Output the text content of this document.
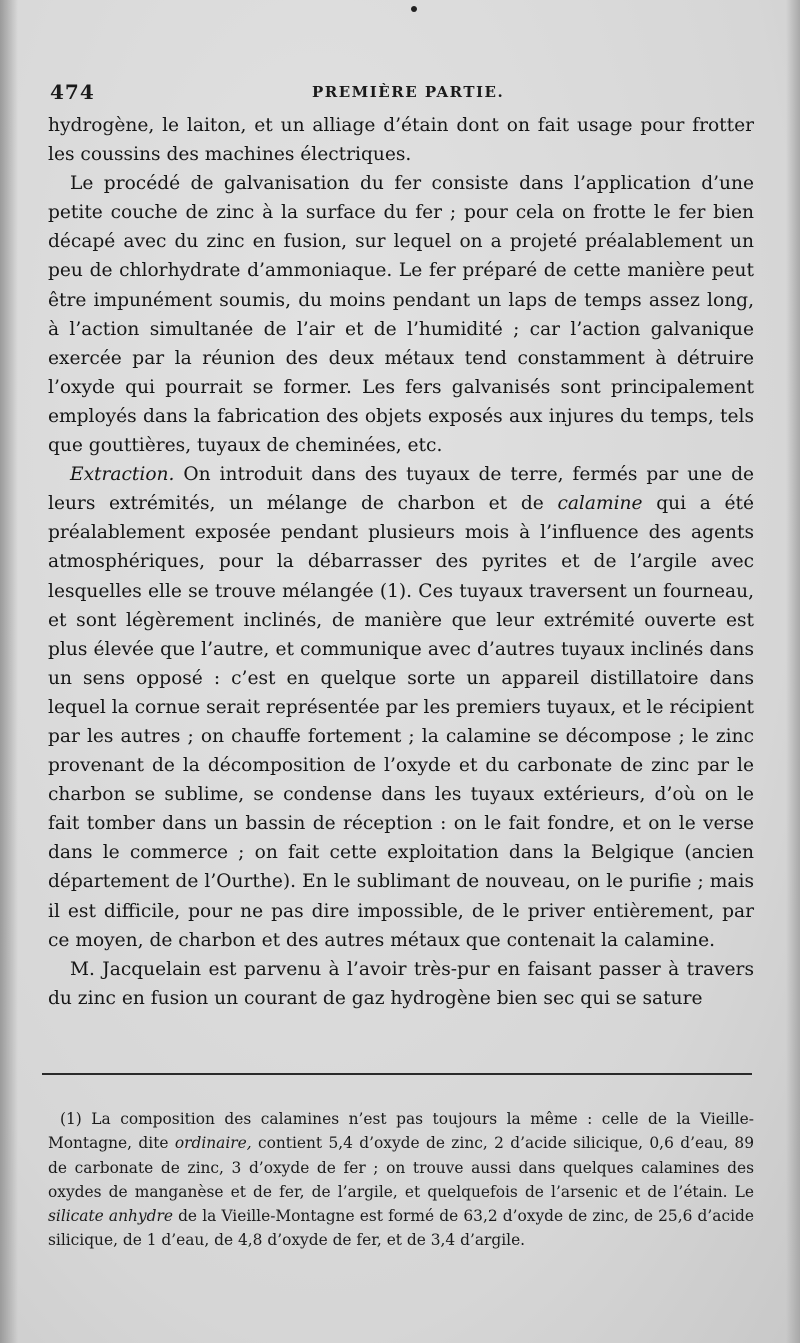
474	PREMIÈRE PARTIE.

hydrogène, le laiton, et un alliage d’étain dont on fait usage pour frotter les coussins des machines électriques.

Le procédé de galvanisation du fer consiste dans l’application d’une petite couche de zinc à la surface du fer ; pour cela on frotte le fer bien décapé avec du zinc en fusion, sur lequel on a projeté préalablement un peu de chlorhydrate d’ammoniaque. Le fer préparé de cette manière peut être impunément soumis, du moins pendant un laps de temps assez long, à l’action simultanée de l’air et de l’humidité ; car l’action galvanique exercée par la réunion des deux métaux tend constamment à détruire l’oxyde qui pourrait se former. Les fers galvanisés sont principalement employés dans la fabrication des objets exposés aux injures du temps, tels que gouttières, tuyaux de cheminées, etc.

Extraction. On introduit dans des tuyaux de terre, fermés par une de leurs extrémités, un mélange de charbon et de calamine qui a été préalablement exposée pendant plusieurs mois à l’influence des agents atmosphériques, pour la débarrasser des pyrites et de l’argile avec lesquelles elle se trouve mélangée (1). Ces tuyaux traversent un fourneau, et sont légèrement inclinés, de manière que leur extrémité ouverte est plus élevée que l’autre, et communique avec d’autres tuyaux inclinés dans un sens opposé : c’est en quelque sorte un appareil distillatoire dans lequel la cornue serait représentée par les premiers tuyaux, et le récipient par les autres ; on chauffe fortement ; la calamine se décompose ; le zinc provenant de la décomposition de l’oxyde et du carbonate de zinc par le charbon se sublime, se condense dans les tuyaux extérieurs, d’où on le fait tomber dans un bassin de réception : on le fait fondre, et on le verse dans le commerce ; on fait cette exploitation dans la Belgique (ancien département de l’Ourthe). En le sublimant de nouveau, on le purifie ; mais il est difficile, pour ne pas dire impossible, de le priver entièrement, par ce moyen, de charbon et des autres métaux que contenait la calamine.

M. Jacquelain est parvenu à l’avoir très-pur en faisant passer à travers du zinc en fusion un courant de gaz hydrogène bien sec qui se sature

(1) La composition des calamines n’est pas toujours la même : celle de la Vieille-Montagne, dite ordinaire, contient 5,4 d’oxyde de zinc, 2 d’acide silicique, 0,6 d’eau, 89 de carbonate de zinc, 3 d’oxyde de fer ; on trouve aussi dans quelques calamines des oxydes de manganèse et de fer, de l’argile, et quelquefois de l’arsenic et de l’étain. Le silicate anhydre de la Vieille-Montagne est formé de 63,2 d’oxyde de zinc, de 25,6 d’acide silicique, de 1 d’eau, de 4,8 d’oxyde de fer, et de 3,4 d’argile.
